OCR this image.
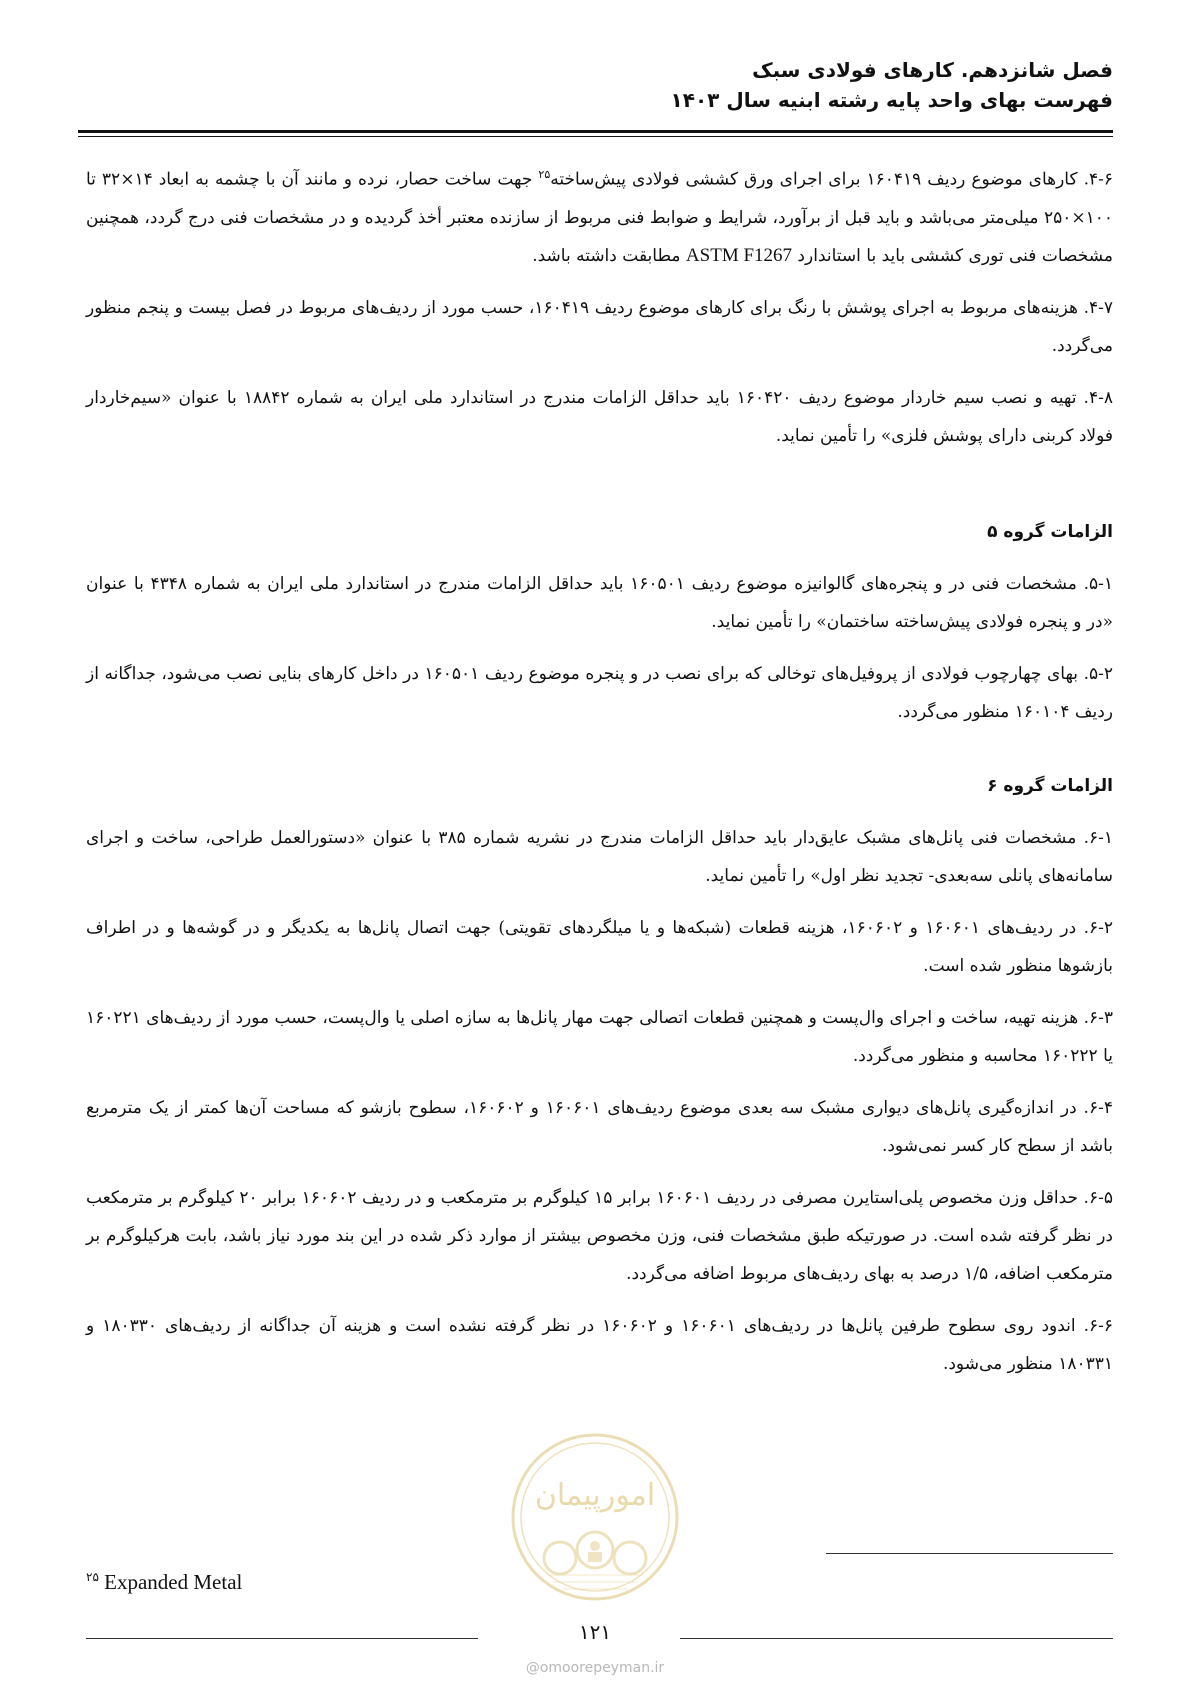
فصل شانزدهم. کارهای فولادی سبک
فهرست بهای واحد پایه رشته ابنیه سال ۱۴۰۳

۴-۶. کارهای موضوع ردیف ۱۶۰۴۱۹ برای اجرای ورق کششی فولادی پیش‌ساخته$^{۲۵}$ جهت ساخت حصار، نرده و مانند آن با چشمه به ابعاد ۱۴×۳۲ تا ۱۰۰×۲۵۰ میلی‌متر می‌باشد و باید قبل از برآورد، شرایط و ضوابط فنی مربوط از سازنده معتبر أخذ گردیده و در مشخصات فنی درج گردد، همچنین مشخصات فنی توری کششی باید با استاندارد ASTM F1267 مطابقت داشته باشد.

۴-۷. هزینه‌های مربوط به اجرای پوشش با رنگ برای کارهای موضوع ردیف ۱۶۰۴۱۹، حسب مورد از ردیف‌های مربوط در فصل بیست و پنجم منظور می‌گردد.

۴-۸. تهیه و نصب سیم خاردار موضوع ردیف ۱۶۰۴۲۰ باید حداقل الزامات مندرج در استاندارد ملی ایران به شماره ۱۸۸۴۲ با عنوان «سیم‌خاردار فولاد کربنی دارای پوشش فلزی» را تأمین نماید.

الزامات گروه ۵

۵-۱. مشخصات فنی در و پنجره‌های گالوانیزه موضوع ردیف ۱۶۰۵۰۱ باید حداقل الزامات مندرج در استاندارد ملی ایران به شماره ۴۳۴۸ با عنوان «در و پنجره فولادی پیش‌ساخته ساختمان» را تأمین نماید.

۵-۲. بهای چهارچوب فولادی از پروفیل‌های توخالی که برای نصب در و پنجره موضوع ردیف ۱۶۰۵۰۱ در داخل کارهای بنایی نصب می‌شود، جداگانه از ردیف ۱۶۰۱۰۴ منظور می‌گردد.

الزامات گروه ۶

۶-۱. مشخصات فنی پانل‌های مشبک عایق‌دار باید حداقل الزامات مندرج در نشریه شماره ۳۸۵ با عنوان «دستورالعمل طراحی، ساخت و اجرای سامانه‌های پانلی سه‌بعدی- تجدید نظر اول» را تأمین نماید.

۶-۲. در ردیف‌های ۱۶۰۶۰۱ و ۱۶۰۶۰۲، هزینه قطعات (شبکه‌ها و یا میلگردهای تقویتی) جهت اتصال پانل‌ها به یکدیگر و در گوشه‌ها و در اطراف بازشوها منظور شده است.

۶-۳. هزینه تهیه، ساخت و اجرای وال‌پست و همچنین قطعات اتصالی جهت مهار پانل‌ها به سازه اصلی یا وال‌پست، حسب مورد از ردیف‌های ۱۶۰۲۲۱ یا ۱۶۰۲۲۲ محاسبه و منظور می‌گردد.

۶-۴. در اندازه‌گیری پانل‌های دیواری مشبک سه بعدی موضوع ردیف‌های ۱۶۰۶۰۱ و ۱۶۰۶۰۲، سطوح بازشو که مساحت آن‌ها کمتر از یک مترمربع باشد از سطح کار کسر نمی‌شود.

۶-۵. حداقل وزن مخصوص پلی‌استایرن مصرفی در ردیف ۱۶۰۶۰۱ برابر ۱۵ کیلوگرم بر مترمکعب و در ردیف ۱۶۰۶۰۲ برابر ۲۰ کیلوگرم بر مترمکعب در نظر گرفته شده است. در صورتیکه طبق مشخصات فنی، وزن مخصوص بیشتر از موارد ذکر شده در این بند مورد نیاز باشد، بابت هرکیلوگرم بر مترمکعب اضافه، ۱/۵ درصد به بهای ردیف‌های مربوط اضافه می‌گردد.

۶-۶. اندود روی سطوح طرفین پانل‌ها در ردیف‌های ۱۶۰۶۰۱ و ۱۶۰۶۰۲ در نظر گرفته نشده است و هزینه آن جداگانه از ردیف‌های ۱۸۰۳۳۰ و ۱۸۰۳۳۱ منظور می‌شود.

امورپیمان
$^{۲۵}$ Expanded Metal
۱۲۱
@omoorepeyman.ir
